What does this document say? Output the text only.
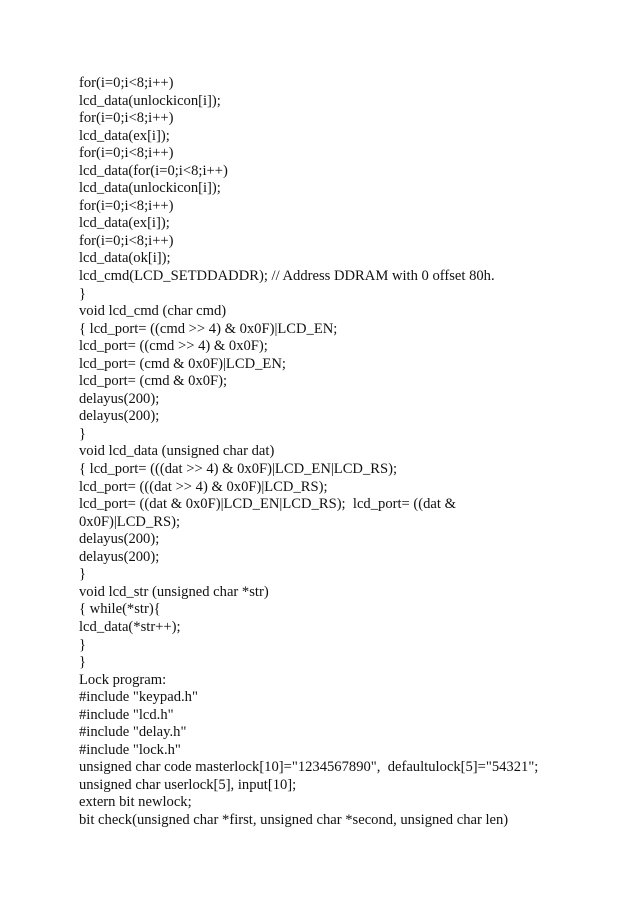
for(i=0;i<8;i++)
lcd_data(unlockicon[i]);
for(i=0;i<8;i++)
lcd_data(ex[i]);
for(i=0;i<8;i++)
lcd_data(for(i=0;i<8;i++)
lcd_data(unlockicon[i]);
for(i=0;i<8;i++)
lcd_data(ex[i]);
for(i=0;i<8;i++)
lcd_data(ok[i]);
lcd_cmd(LCD_SETDDADDR); // Address DDRAM with 0 offset 80h.
}
void lcd_cmd (char cmd)
{ lcd_port= ((cmd >> 4) & 0x0F)|LCD_EN;
lcd_port= ((cmd >> 4) & 0x0F);
lcd_port= (cmd & 0x0F)|LCD_EN;
lcd_port= (cmd & 0x0F);
delayus(200);
delayus(200);
}
void lcd_data (unsigned char dat)
{ lcd_port= (((dat >> 4) & 0x0F)|LCD_EN|LCD_RS);
lcd_port= (((dat >> 4) & 0x0F)|LCD_RS);
lcd_port= ((dat & 0x0F)|LCD_EN|LCD_RS);  lcd_port= ((dat &
0x0F)|LCD_RS);
delayus(200);
delayus(200);
}
void lcd_str (unsigned char *str)
{ while(*str){
lcd_data(*str++);
}
}
Lock program:
#include "keypad.h"
#include "lcd.h"
#include "delay.h"
#include "lock.h"
unsigned char code masterlock[10]="1234567890",  defaultulock[5]="54321";
unsigned char userlock[5], input[10];
extern bit newlock;
bit check(unsigned char *first, unsigned char *second, unsigned char len)
